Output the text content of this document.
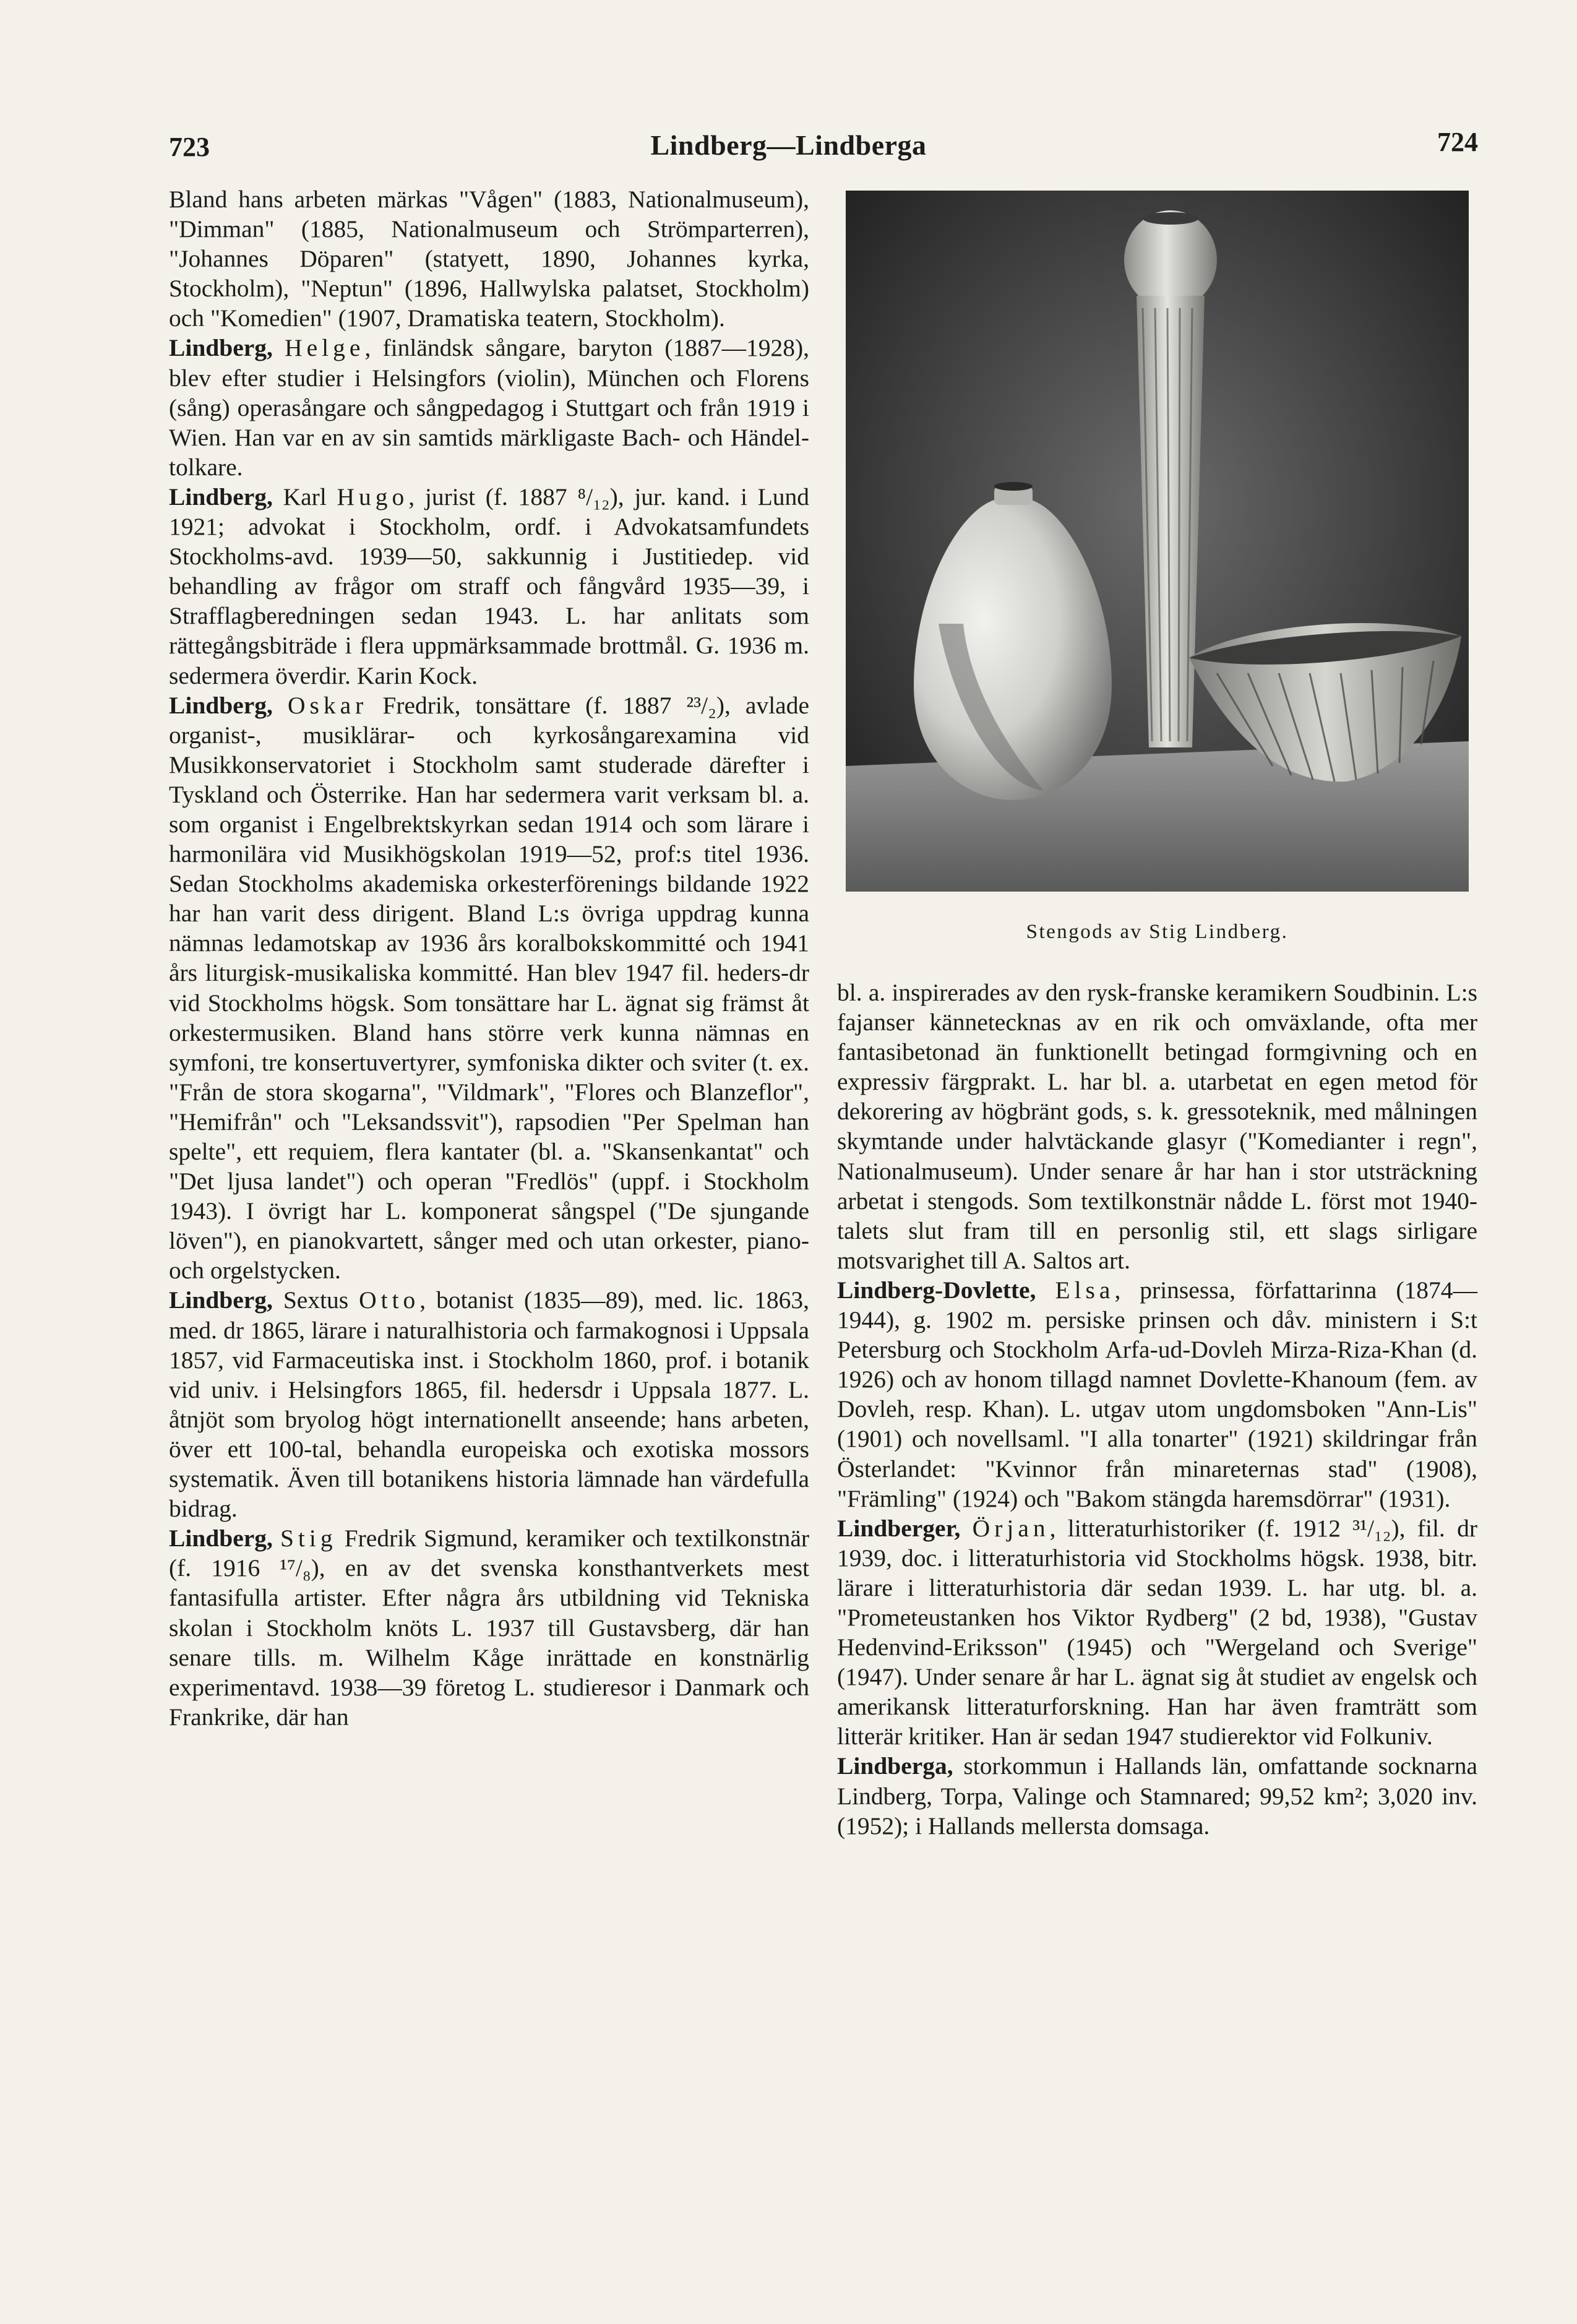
723	Lindberg—Lindberga	724

Bland hans arbeten märkas "Vågen" (1883, Nationalmuseum), "Dimman" (1885, Nationalmuseum och Strömparterren), "Johannes Döparen" (statyett, 1890, Johannes kyrka, Stockholm), "Neptun" (1896, Hallwylska palatset, Stockholm) och "Komedien" (1907, Dramatiska teatern, Stockholm).

Lindberg, Helge, finländsk sångare, baryton (1887—1928), blev efter studier i Helsingfors (violin), München och Florens (sång) operasångare och sångpedagog i Stuttgart och från 1919 i Wien. Han var en av sin samtids märkligaste Bach- och Händel-tolkare.

Lindberg, Karl Hugo, jurist (f. 1887 ⁸/₁₂), jur. kand. i Lund 1921; advokat i Stockholm, ordf. i Advokatsamfundets Stockholms-avd. 1939—50, sakkunnig i Justitiedep. vid behandling av frågor om straff och fångvård 1935—39, i Strafflagberedningen sedan 1943. L. har anlitats som rättegångsbiträde i flera uppmärksammade brottmål. G. 1936 m. sedermera överdir. Karin Kock.

Lindberg, Oskar Fredrik, tonsättare (f. 1887 ²³/₂), avlade organist-, musiklärar- och kyrkosångarexamina vid Musikkonservatoriet i Stockholm samt studerade därefter i Tyskland och Österrike. Han har sedermera varit verksam bl. a. som organist i Engelbrektskyrkan sedan 1914 och som lärare i harmonilära vid Musikhögskolan 1919—52, prof:s titel 1936. Sedan Stockholms akademiska orkesterförenings bildande 1922 har han varit dess dirigent. Bland L:s övriga uppdrag kunna nämnas ledamotskap av 1936 års koralbokskommitté och 1941 års liturgisk-musikaliska kommitté. Han blev 1947 fil. heders-dr vid Stockholms högsk. Som tonsättare har L. ägnat sig främst åt orkestermusiken. Bland hans större verk kunna nämnas en symfoni, tre konsertuvertyrer, symfoniska dikter och sviter (t. ex. "Från de stora skogarna", "Vildmark", "Flores och Blanzeflor", "Hemifrån" och "Leksandssvit"), rapsodien "Per Spelman han spelte", ett requiem, flera kantater (bl. a. "Skansenkantat" och "Det ljusa landet") och operan "Fredlös" (uppf. i Stockholm 1943). I övrigt har L. komponerat sångspel ("De sjungande löven"), en pianokvartett, sånger med och utan orkester, piano- och orgelstycken.

Lindberg, Sextus Otto, botanist (1835—89), med. lic. 1863, med. dr 1865, lärare i naturalhistoria och farmakognosi i Uppsala 1857, vid Farmaceutiska inst. i Stockholm 1860, prof. i botanik vid univ. i Helsingfors 1865, fil. hedersdr i Uppsala 1877. L. åtnjöt som bryolog högt internationellt anseende; hans arbeten, över ett 100-tal, behandla europeiska och exotiska mossors systematik. Även till botanikens historia lämnade han värdefulla bidrag.

Lindberg, Stig Fredrik Sigmund, keramiker och textilkonstnär (f. 1916 ¹⁷/₈), en av det svenska konsthantverkets mest fantasifulla artister. Efter några års utbildning vid Tekniska skolan i Stockholm knöts L. 1937 till Gustavsberg, där han senare tills. m. Wilhelm Kåge inrättade en konstnärlig experimentavd. 1938—39 företog L. studieresor i Danmark och Frankrike, där han

Stengods av Stig Lindberg.

bl. a. inspirerades av den rysk-franske keramikern Soudbinin. L:s fajanser kännetecknas av en rik och omväxlande, ofta mer fantasibetonad än funktionellt betingad formgivning och en expressiv färgprakt. L. har bl. a. utarbetat en egen metod för dekorering av högbränt gods, s. k. gressoteknik, med målningen skymtande under halvtäckande glasyr ("Komedianter i regn", Nationalmuseum). Under senare år har han i stor utsträckning arbetat i stengods. Som textilkonstnär nådde L. först mot 1940-talets slut fram till en personlig stil, ett slags sirligare motsvarighet till A. Saltos art.

Lindberg-Dovlette, Elsa, prinsessa, författarinna (1874—1944), g. 1902 m. persiske prinsen och dåv. ministern i S:t Petersburg och Stockholm Arfa-ud-Dovleh Mirza-Riza-Khan (d. 1926) och av honom tillagd namnet Dovlette-Khanoum (fem. av Dovleh, resp. Khan). L. utgav utom ungdomsboken "Ann-Lis" (1901) och novellsaml. "I alla tonarter" (1921) skildringar från Österlandet: "Kvinnor från minareternas stad" (1908), "Främling" (1924) och "Bakom stängda haremsdörrar" (1931).

Lindberger, Örjan, litteraturhistoriker (f. 1912 ³¹/₁₂), fil. dr 1939, doc. i litteraturhistoria vid Stockholms högsk. 1938, bitr. lärare i litteraturhistoria där sedan 1939. L. har utg. bl. a. "Prometeustanken hos Viktor Rydberg" (2 bd, 1938), "Gustav Hedenvind-Eriksson" (1945) och "Wergeland och Sverige" (1947). Under senare år har L. ägnat sig åt studiet av engelsk och amerikansk litteraturforskning. Han har även framträtt som litterär kritiker. Han är sedan 1947 studierektor vid Folkuniv.

Lindberga, storkommun i Hallands län, omfattande socknarna Lindberg, Torpa, Valinge och Stamnared; 99,52 km²; 3,020 inv. (1952); i Hallands mellersta domsaga.
